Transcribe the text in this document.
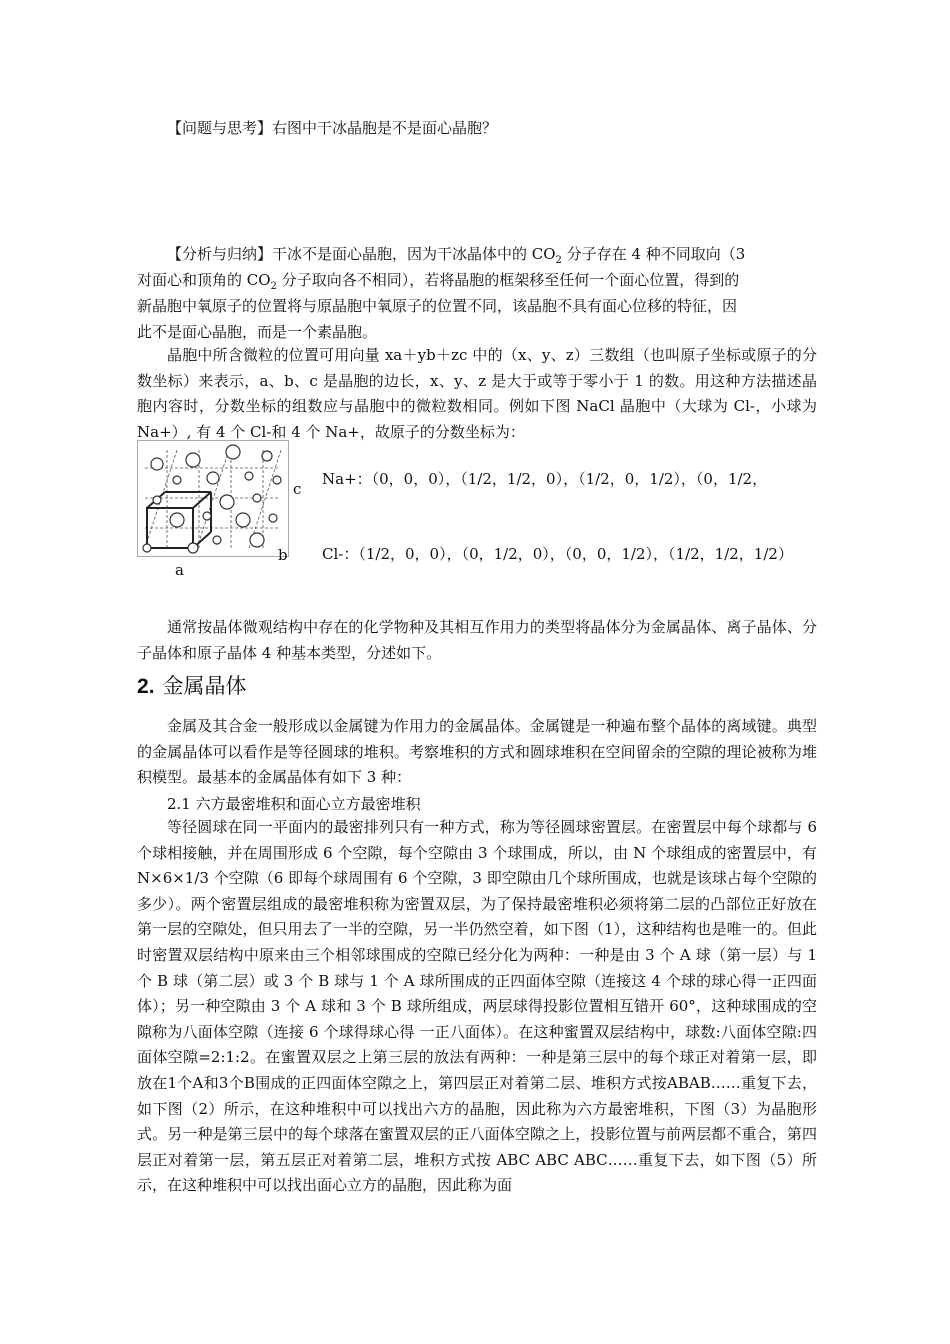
【问题与思考】右图中干冰晶胞是不是面心晶胞？
【分析与归纳】干冰不是面心晶胞，因为干冰晶体中的 $CO_2$ 分子存在 4 种不同取向（3
对面心和顶角的 $CO_2$ 分子取向各不相同），若将晶胞的框架移至任何一个面心位置，得到的
新晶胞中氧原子的位置将与原晶胞中氧原子的位置不同，该晶胞不具有面心位移的特征，因
此不是面心晶胞，而是一个素晶胞。

晶胞中所含微粒的位置可用向量 xa＋yb＋zc 中的（x、y、z）三数组（也叫原子坐标或原子的分数坐标）来表示，a、b、c 是晶胞的边长，x、y、z 是大于或等于零小于 1 的数。用这种方法描述晶胞内容时，分数坐标的组数应与晶胞中的微粒数相同。例如下图 NaCl 晶胞中（大球为 Cl-，小球为 Na+）, 有 4 个 Cl-和 4 个 Na+，故原子的分数坐标为：

c
b
a
Na+：（0，0，0），（1/2，1/2，0），（1/2，0，1/2），（0，1/2，
Cl-：（1/2，0，0），（0，1/2，0），（0，0，1/2），（1/2，1/2，1/2）

通常按晶体微观结构中存在的化学物种及其相互作用力的类型将晶体分为金属晶体、离子晶体、分子晶体和原子晶体 4 种基本类型，分述如下。

2. 金属晶体

金属及其合金一般形成以金属键为作用力的金属晶体。金属键是一种遍布整个晶体的离域键。典型的金属晶体可以看作是等径圆球的堆积。考察堆积的方式和圆球堆积在空间留余的空隙的理论被称为堆积模型。最基本的金属晶体有如下 3 种：

2.1 六方最密堆积和面心立方最密堆积

等径圆球在同一平面内的最密排列只有一种方式，称为等径圆球密置层。在密置层中每个球都与 6 个球相接触，并在周围形成 6 个空隙，每个空隙由 3 个球围成，所以，由 N 个球组成的密置层中，有 N×6×1/3 个空隙（6 即每个球周围有 6 个空隙，3 即空隙由几个球所围成，也就是该球占每个空隙的多少）。两个密置层组成的最密堆积称为密置双层，为了保持最密堆积必须将第二层的凸部位正好放在第一层的空隙处，但只用去了一半的空隙，另一半仍然空着，如下图（1），这种结构也是唯一的。但此时密置双层结构中原来由三个相邻球围成的空隙已经分化为两种：一种是由 3 个 A 球（第一层）与 1 个 B 球（第二层）或 3 个 B 球与 1 个 A 球所围成的正四面体空隙（连接这 4 个球的球心得一正四面体）；另一种空隙由 3 个 A 球和 3 个 B 球所组成，两层球得投影位置相互错开 60°，这种球围成的空隙称为八面体空隙（连接 6 个球得球心得 一正八面体）。在这种蜜置双层结构中，球数:八面体空隙:四面体空隙=2:1:2。在蜜置双层之上第三层的放法有两种：一种是第三层中的每个球正对着第一层，即放在1个A和3个B围成的正四面体空隙之上，第四层正对着第二层、堆积方式按ABAB……重复下去，如下图（2）所示，在这种堆积中可以找出六方的晶胞，因此称为六方最密堆积，下图（3）为晶胞形式。另一种是第三层中的每个球落在蜜置双层的正八面体空隙之上，投影位置与前两层都不重合，第四层正对着第一层，第五层正对着第二层，堆积方式按 ABC ABC ABC……重复下去，如下图（5）所示，在这种堆积中可以找出面心立方的晶胞，因此称为面
